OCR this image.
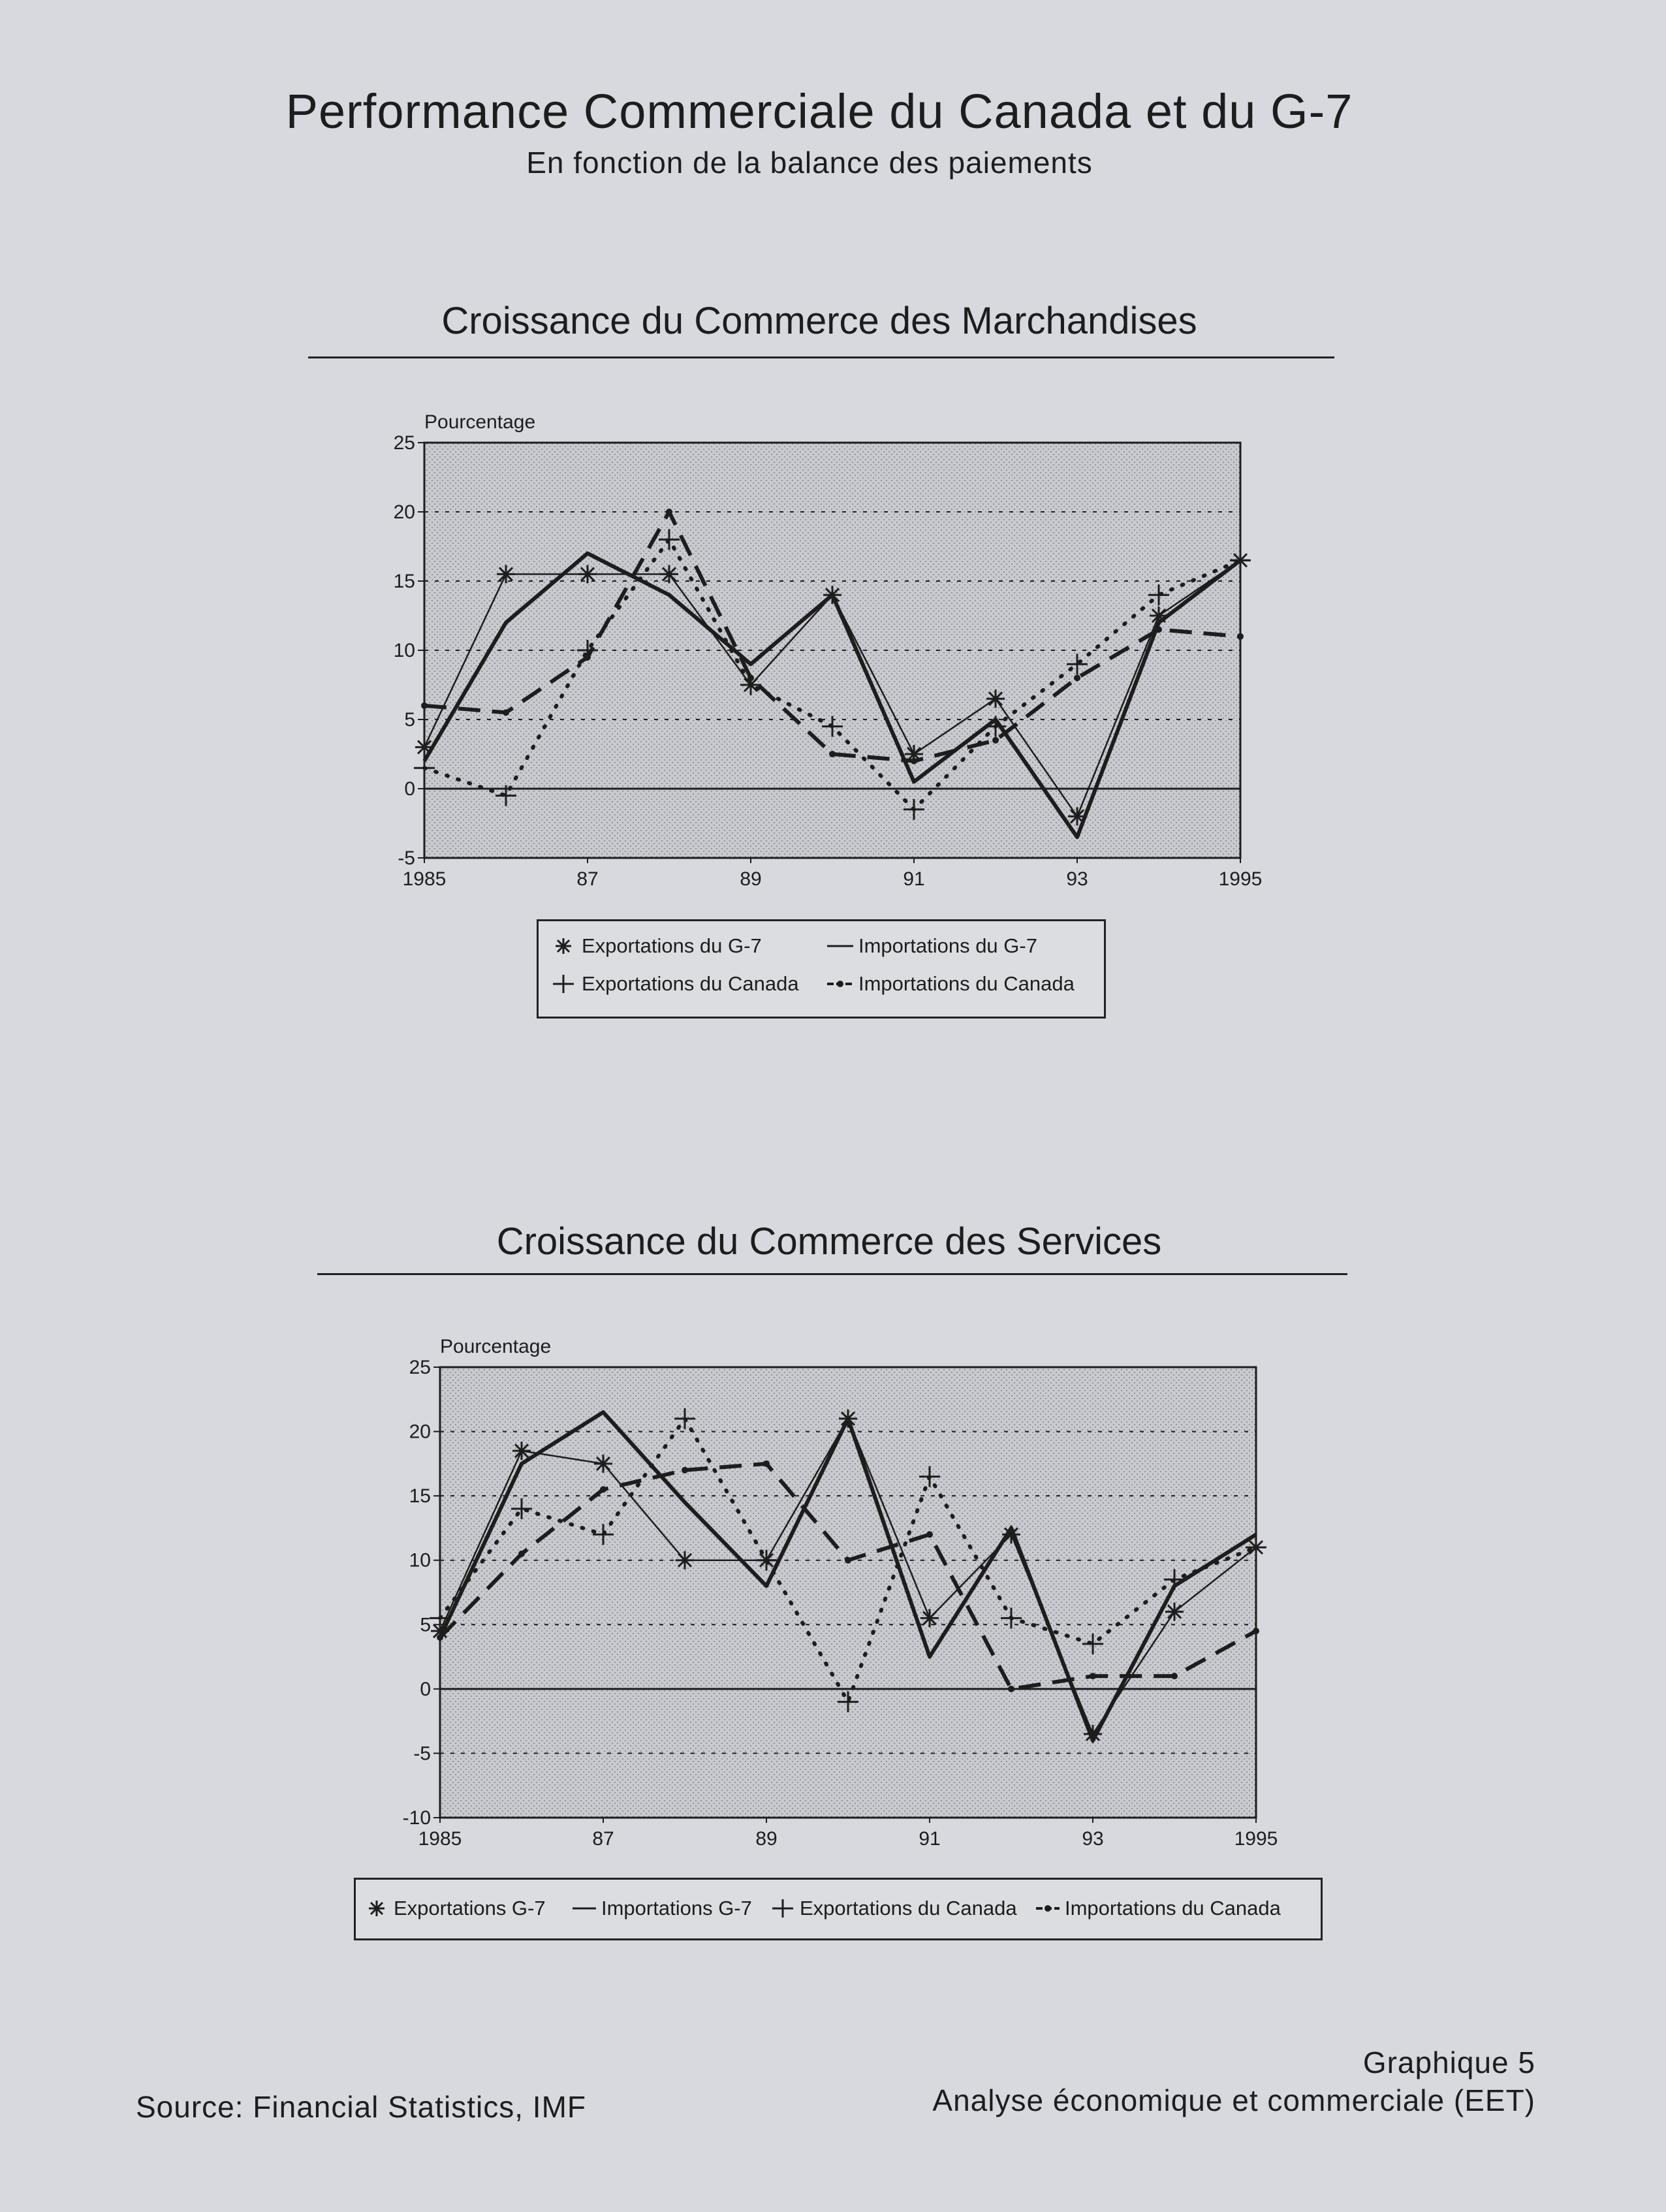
Performance Commerciale du Canada et du G-7
En fonction de la balance des paiements
Croissance du Commerce des Marchandises
Pourcentage
25
20
15
10
5
0
-5
1985	87	89	91	93	1995
Exportations du G-7	Importations du G-7
Exportations du Canada	Importations du Canada
Croissance du Commerce des Services
Pourcentage
25
20
15
10
5
0
-5
-10
1985	87	89	91	93	1995
Exportations G-7	Importations G-7 Exportations du Canada Importations du Canada
Source: Financial Statistics, IMF
Graphique 5
Analyse économique et commerciale (EET)
